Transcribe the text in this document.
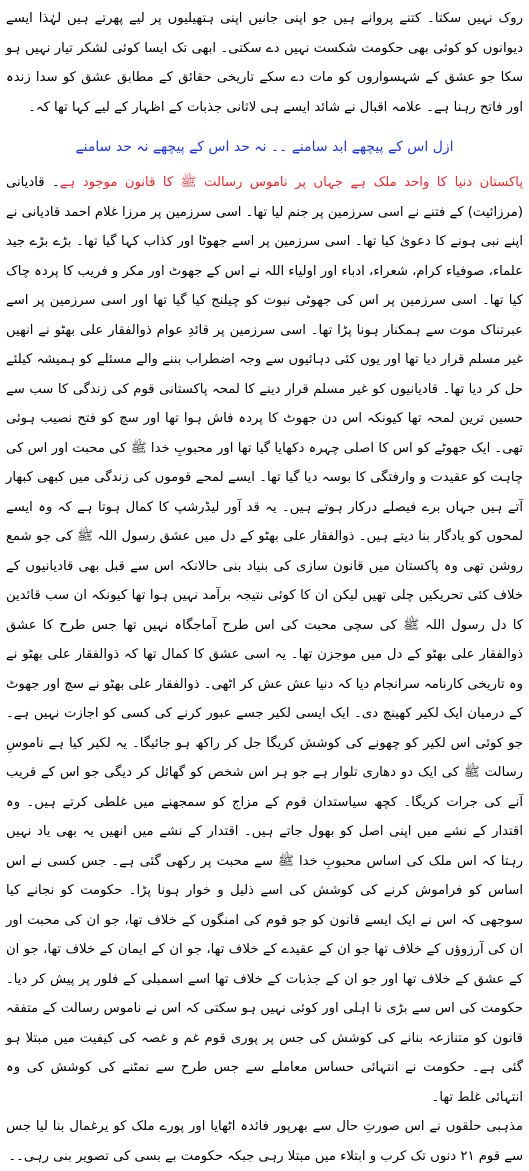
روک نہیں سکتا۔ کتنے پروانے ہیں جو اپنی جانیں اپنی ہتھیلیوں پر لیے پھرتے ہیں لہٰذا ایسے دیوانوں کو کوئی بھی حکومت شکست نہیں دے سکتی۔ ابھی تک ایسا کوئی لشکر تیار نہیں ہو سکا جو عشق کے شہسواروں کو مات دے سکے تاریخی حقائق کے مطابق عشق کو سدا زندہ اور فاتح رہنا ہے۔ علامہ اقبال نے شائد ایسے ہی لاثانی جذبات کے اظہار کے لیے کہا تھا کہ۔

ازل اس کے پیچھے ابد سامنے ۔۔ نہ حد اس کے پیچھے نہ حد سامنے

پاکستان دنیا کا واحد ملک ہے جہاں پر ناموس رسالت ﷺ کا قانون موجود ہے۔ قادیانی (مرزائیت) کے فتنے نے اسی سرزمین پر جنم لیا تھا۔ اسی سرزمین پر مرزا غلام احمد قادیانی نے اپنے نبی ہونے کا دعویٰ کیا تھا۔ اسی سرزمین پر اسے جھوٹا اور کذاب کہا گیا تھا۔ بڑے بڑے جید علماء، صوفیاء کرام، شعراء، ادباء اور اولیاء اللہ نے اس کے جھوٹ اور مکر و فریب کا پردہ چاک کیا تھا۔ اسی سرزمین پر اس کی جھوٹی نبوت کو چیلنج کیا گیا تھا اور اسی سرزمین پر اسے عبرتناک موت سے ہمکنار ہونا پڑا تھا۔ اسی سرزمین پر قائدِ عوام ذوالفقار علی بھٹو نے انھیں غیر مسلم قرار دیا تھا اور یوں کئی دہائیوں سے وجہ اضطراب بننے والے مسئلے کو ہمیشہ کیلئے حل کر دیا تھا۔ قادیانیوں کو غیر مسلم قرار دینے کا لمحہ پاکستانی قوم کی زندگی کا سب سے حسین ترین لمحہ تھا کیونکہ اس دن جھوٹ کا پردہ فاش ہوا تھا اور سچ کو فتح نصیب ہوئی تھی۔ ایک جھوٹے کو اس کا اصلی چہرہ دکھایا گیا تھا اور محبوبِ خدا ﷺ کی محبت اور اس کی چاہت کو عقیدت و وارفتگی کا بوسہ دیا گیا تھا۔ ایسے لمحے قوموں کی زندگی میں کبھی کبھار آتے ہیں جہاں برے فیصلے درکار ہوتے ہیں۔ یہ قد آور لیڈرشپ کا کمال ہوتا ہے کہ وہ ایسے لمحوں کو یادگار بنا دیتے ہیں۔ ذوالفقار علی بھٹو کے دل میں عشق رسول اللہ ﷺ کی جو شمع روشن تھی وہ پاکستان میں قانون سازی کی بنیاد بنی حالانکہ اس سے قبل بھی قادیانیوں کے خلاف کئی تحریکیں چلی تھیں لیکن ان کا کوئی نتیجہ برآمد نہیں ہوا تھا کیونکہ ان سب قائدین کا دل رسول اللہ ﷺ کی سچی محبت کی اس طرح آماجگاہ نہیں تھا جس طرح کا عشق ذوالفقار علی بھٹو کے دل میں موجزن تھا۔ یہ اسی عشق کا کمال تھا کہ ذوالفقار علی بھٹو نے وہ تاریخی کارنامہ سرانجام دیا کہ دنیا عش عش کر اٹھی۔ ذوالفقار علی بھٹو نے سچ اور جھوٹ کے درمیان ایک لکیر کھینچ دی۔ ایک ایسی لکیر جسے عبور کرنے کی کسی کو اجازت نہیں ہے۔ جو کوئی اس لکیر کو چھونے کی کوشش کریگا جل کر راکھ ہو جائیگا۔ یہ لکیر کیا ہے ناموسِ رسالت ﷺ کی ایک دو دھاری تلوار ہے جو ہر اس شخص کو گھائل کر دیگی جو اس کے قریب آنے کی جرات کریگا۔ کچھ سیاستدان قوم کے مزاج کو سمجھنے میں غلطی کرتے ہیں۔ وہ اقتدار کے نشے میں اپنی اصل کو بھول جاتے ہیں۔ اقتدار کے نشے میں انھیں یہ بھی یاد نہیں رہتا کہ اس ملک کی اساس محبوبِ خدا ﷺ سے محبت پر رکھی گئی ہے۔ جس کسی نے اس اساس کو فراموش کرنے کی کوشش کی اسے ذلیل و خوار ہونا پڑا۔ حکومت کو نجانے کیا سوجھی کہ اس نے ایک ایسے قانون کو جو قوم کی امنگوں کے خلاف تھا، جو ان کی محبت اور ان کی آرزوؤں کے خلاف تھا جو ان کے عقیدے کے خلاف تھا، جو ان کے ایمان کے خلاف تھا، جو ان کے عشق کے خلاف تھا اور جو ان کے جذبات کے خلاف تھا اسے اسمبلی کے فلور پر پیش کر دیا۔ حکومت کی اس سے بڑی نا اہلی اور کوئی نہیں ہو سکتی کہ اس نے ناموس رسالت کے متفقہ قانون کو متنازعہ بنانے کی کوشش کی جس پر پوری قوم غم و غصہ کی کیفیت میں مبتلا ہو گئی ہے۔ حکومت نے انتہائی حساس معاملے سے جس طرح سے نمٹنے کی کوشش کی وہ انتہائی غلط تھا۔

مذہبی حلقوں نے اس صورتِ حال سے بھرپور فائدہ اٹھایا اور پورے ملک کو یرغمال بنا لیا جس سے قوم ۲۱ دنوں تک کرب و ابتلاء میں مبتلا رہی جبکہ حکومت بے بسی کی تصویر بنی رہی۔۔
